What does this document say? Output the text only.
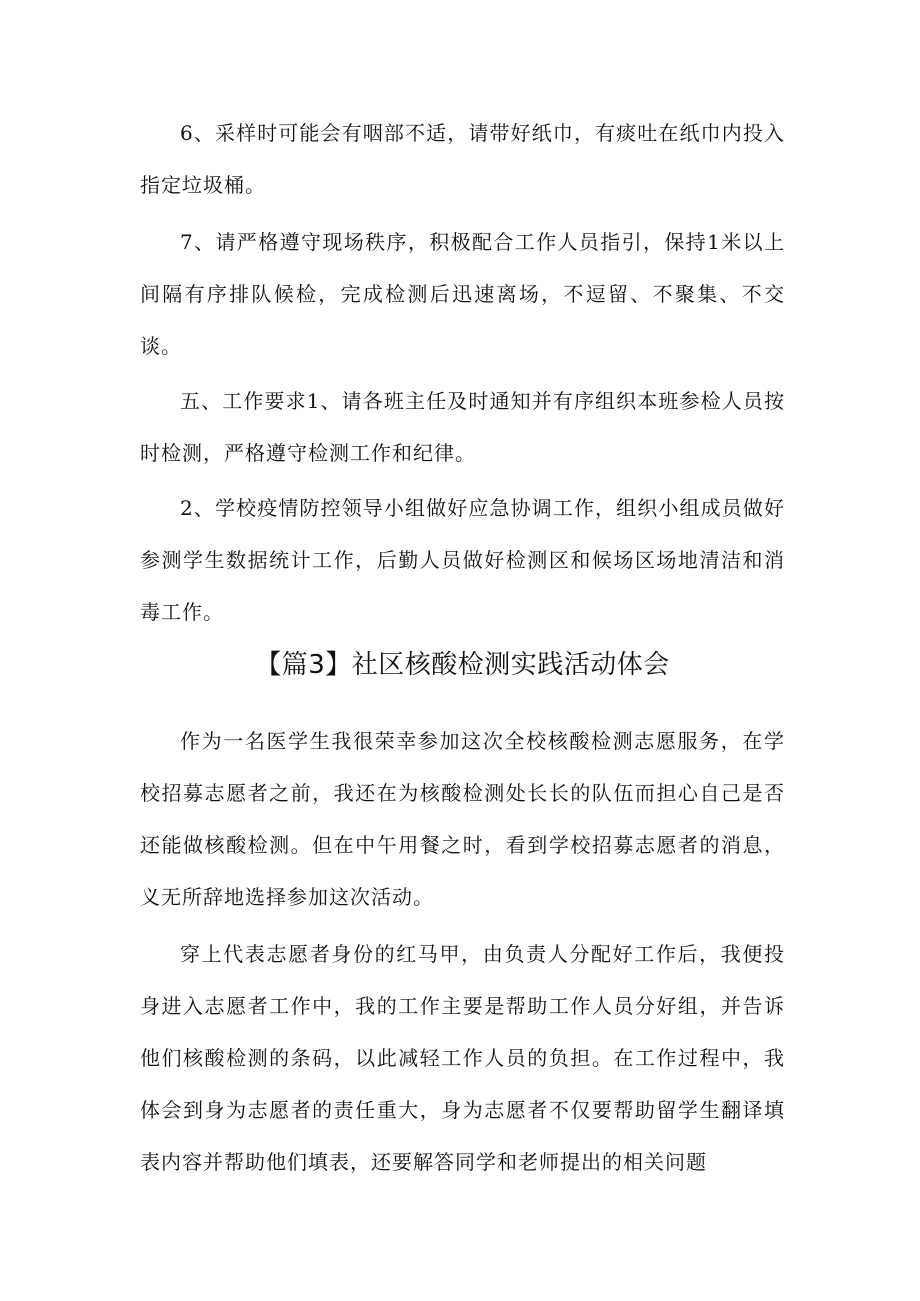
6、采样时可能会有咽部不适，请带好纸巾，有痰吐在纸巾内投入指定垃圾桶。

7、请严格遵守现场秩序，积极配合工作人员指引，保持1米以上间隔有序排队候检，完成检测后迅速离场，不逗留、不聚集、不交谈。

五、工作要求1、请各班主任及时通知并有序组织本班参检人员按时检测，严格遵守检测工作和纪律。

2、学校疫情防控领导小组做好应急协调工作，组织小组成员做好参测学生数据统计工作，后勤人员做好检测区和候场区场地清洁和消毒工作。

【篇3】社区核酸检测实践活动体会

作为一名医学生我很荣幸参加这次全校核酸检测志愿服务，在学校招募志愿者之前，我还在为核酸检测处长长的队伍而担心自己是否还能做核酸检测。但在中午用餐之时，看到学校招募志愿者的消息，义无所辞地选择参加这次活动。

穿上代表志愿者身份的红马甲，由负责人分配好工作后，我便投身进入志愿者工作中，我的工作主要是帮助工作人员分好组，并告诉他们核酸检测的条码，以此减轻工作人员的负担。在工作过程中，我体会到身为志愿者的责任重大，身为志愿者不仅要帮助留学生翻译填表内容并帮助他们填表，还要解答同学和老师提出的相关问题
